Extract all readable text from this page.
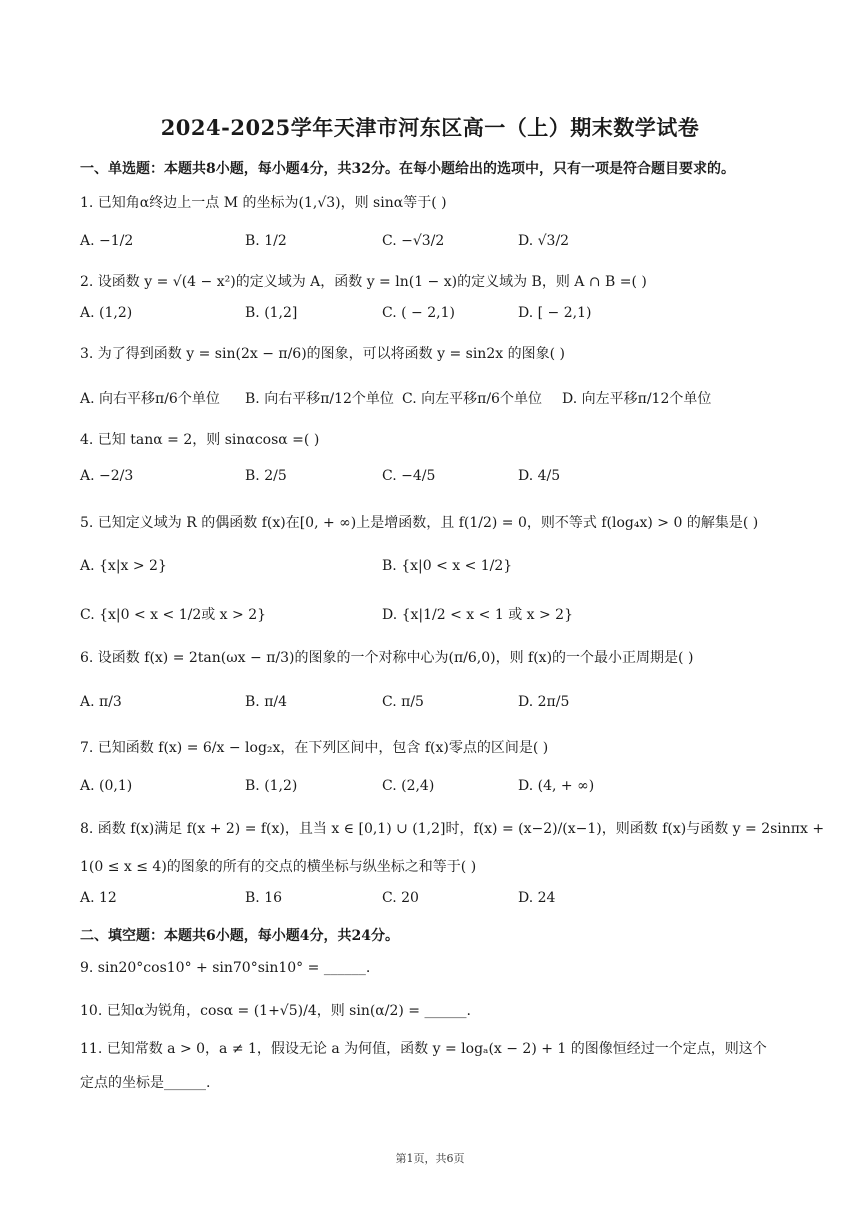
2024-2025学年天津市河东区高一（上）期末数学试卷
一、单选题：本题共8小题，每小题4分，共32分。在每小题给出的选项中，只有一项是符合题目要求的。
1. 已知角α终边上一点 M 的坐标为(1,√3)，则 sinα等于( )
A. −1/2	B. 1/2	C. −√3/2	D. √3/2
2. 设函数 y = √(4 − x²)的定义域为 A，函数 y = ln(1 − x)的定义域为 B，则 A ∩ B =( )
A. (1,2)	B. (1,2]	C. ( − 2,1)	D. [ − 2,1)
3. 为了得到函数 y = sin(2x − π/6)的图象，可以将函数 y = sin2x 的图象( )
A. 向右平移π/6个单位 B. 向右平移π/12个单位 C. 向左平移π/6个单位 D. 向左平移π/12个单位
4. 已知 tanα = 2，则 sinαcosα =( )
A. −2/3	B. 2/5	C. −4/5	D. 4/5
5. 已知定义域为 R 的偶函数 f(x)在[0, + ∞)上是增函数，且 f(1/2) = 0，则不等式 f(log₄x) > 0 的解集是( )
A. {x|x > 2}	B. {x|0 < x < 1/2}
C. {x|0 < x < 1/2或 x > 2}	D. {x|1/2 < x < 1 或 x > 2}
6. 设函数 f(x) = 2tan(ωx − π/3)的图象的一个对称中心为(π/6,0)，则 f(x)的一个最小正周期是( )
A. π/3	B. π/4	C. π/5	D. 2π/5
7. 已知函数 f(x) = 6/x − log₂x，在下列区间中，包含 f(x)零点的区间是( )
A. (0,1)	B. (1,2)	C. (2,4)	D. (4, + ∞)
8. 函数 f(x)满足 f(x + 2) = f(x)，且当 x ∈ [0,1) ∪ (1,2]时，f(x) = (x−2)/(x−1)，则函数 f(x)与函数 y = 2sinπx +
1(0 ≤ x ≤ 4)的图象的所有的交点的横坐标与纵坐标之和等于( )
A. 12	B. 16	C. 20	D. 24
二、填空题：本题共6小题，每小题4分，共24分。
9. sin20°cos10° + sin70°sin10° = ______.
10. 已知α为锐角，cosα = (1+√5)/4，则 sin(α/2) = ______.
11. 已知常数 a > 0，a ≠ 1，假设无论 a 为何值，函数 y = logₐ(x − 2) + 1 的图像恒经过一个定点，则这个
定点的坐标是______.
第1页，共6页
